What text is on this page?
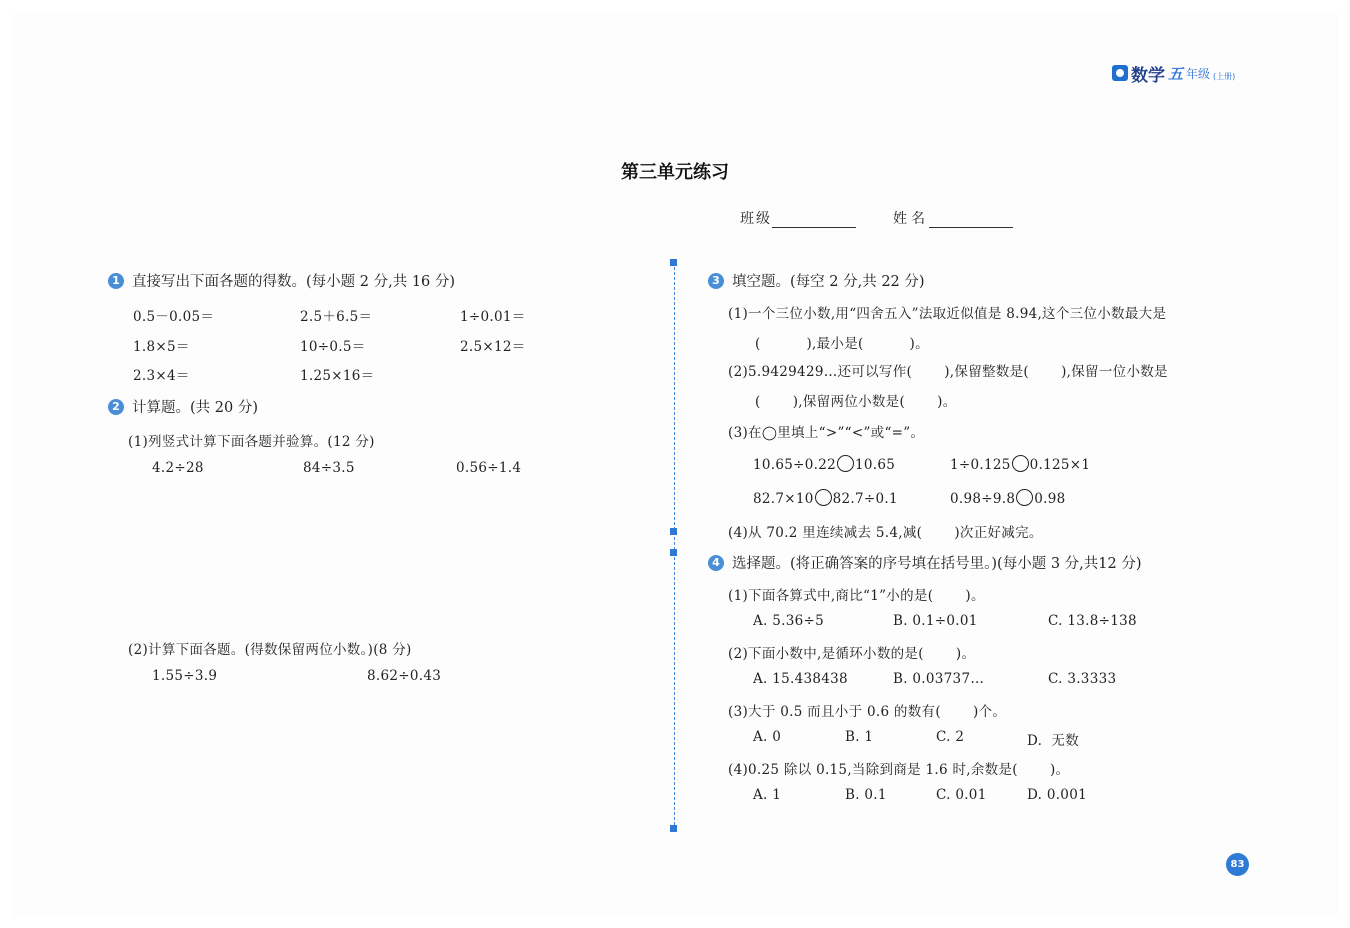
数学 五 年级 (上册)
第三单元练习
班级	姓名
1 直接写出下面各题的得数。(每小题 2 分,共 16 分)
0.5－0.05＝	2.5＋6.5＝	1÷0.01＝
1.8×5＝	10÷0.5＝	2.5×12＝
2.3×4＝	1.25×16＝
2 计算题。(共 20 分)
(1)列竖式计算下面各题并验算。(12 分)
4.2÷28	84÷3.5	0.56÷1.4
(2)计算下面各题。(得数保留两位小数。)(8 分)
1.55÷3.9	8.62÷0.43
3 填空题。(每空 2 分,共 22 分)
(1)一个三位小数,用“四舍五入”法取近似值是 8.94,这个三位小数最大是
(          ),最小是(          )。
(2)5.9429429…还可以写作(       ),保留整数是(       ),保留一位小数是
(       ),保留两位小数是(       )。
(3)在◯里填上“>”“<”或“=”。
10.65÷0.22 10.65	1÷0.125 0.125×1
82.7×10 82.7÷0.1	0.98÷9.8 0.98
(4)从 70.2 里连续减去 5.4,减(       )次正好减完。
4 选择题。(将正确答案的序号填在括号里。)(每小题 3 分,共12 分)
(1)下面各算式中,商比“1”小的是(       )。
A. 5.36÷5	B. 0.1÷0.01	C. 13.8÷138
(2)下面小数中,是循环小数的是(       )。
A. 15.438438	B. 0.03737…	C. 3.3333
(3)大于 0.5 而且小于 0.6 的数有(       )个。
A. 0	B. 1	C. 2	D.  无数
(4)0.25 除以 0.15,当除到商是 1.6 时,余数是(       )。
A. 1	B. 0.1	C. 0.01	D. 0.001
83
